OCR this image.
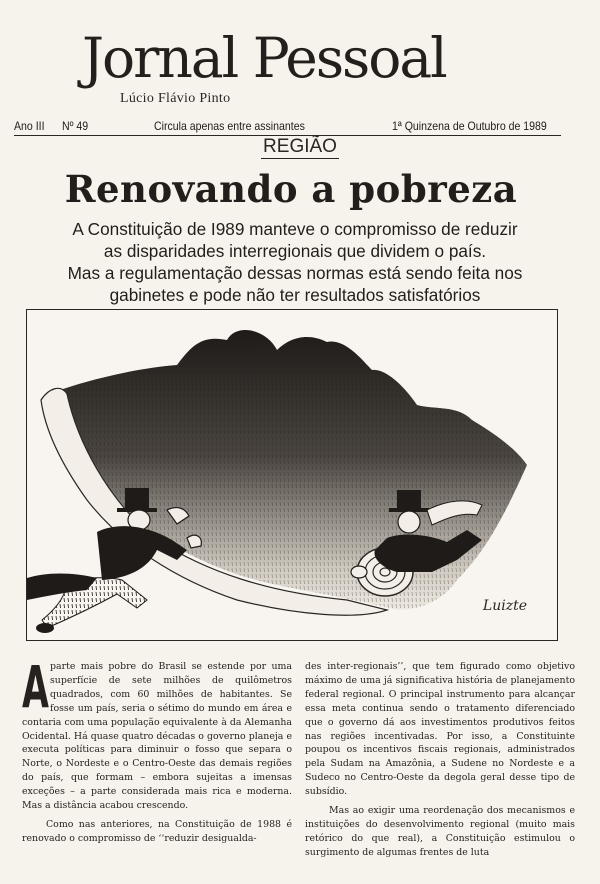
Jornal Pessoal
Lúcio Flávio Pinto
Ano III Nº 49	Circula apenas entre assinantes	1ª Quinzena de Outubro de 1989
REGIÃO
Renovando a pobreza
A Constituição de I989 manteve o compromisso de reduzir
as disparidades interregionais que dividem o país.
Mas a regulamentação dessas normas está sendo feita nos
gabinetes e pode não ter resultados satisfatórios
Luizte

A parte mais pobre do Brasil se estende por uma superfície de sete milhões de quilômetros quadrados, com 60 milhões de habitantes. Se fosse um país, seria o sétimo do mundo em área e contaria com uma população equivalente à da Alemanha Ocidental. Há quase quatro décadas o governo planeja e executa políticas para diminuir o fosso que separa o Norte, o Nordeste e o Centro-Oeste das demais regiões do país, que formam – embora sujeitas a imensas exceções – a parte considerada mais rica e moderna. Mas a distância acabou crescendo.

Como nas anteriores, na Constituição de 1988 é renovado o compromisso de ‘‘reduzir desigualda-

des inter-regionais’’, que tem figurado como objetivo máximo de uma já significativa história de planejamento federal regional. O principal instrumento para alcançar essa meta continua sendo o tratamento diferenciado que o governo dá aos investimentos produtivos feitos nas regiões incentivadas. Por isso, a Constituinte poupou os incentivos fiscais regionais, administrados pela Sudam na Amazônia, a Sudene no Nordeste e a Sudeco no Centro-Oeste da degola geral desse tipo de subsídio.

Mas ao exigir uma reordenação dos mecanismos e instituições do desenvolvimento regional (muito mais retórico do que real), a Constituição estimulou o surgimento de algumas frentes de luta
